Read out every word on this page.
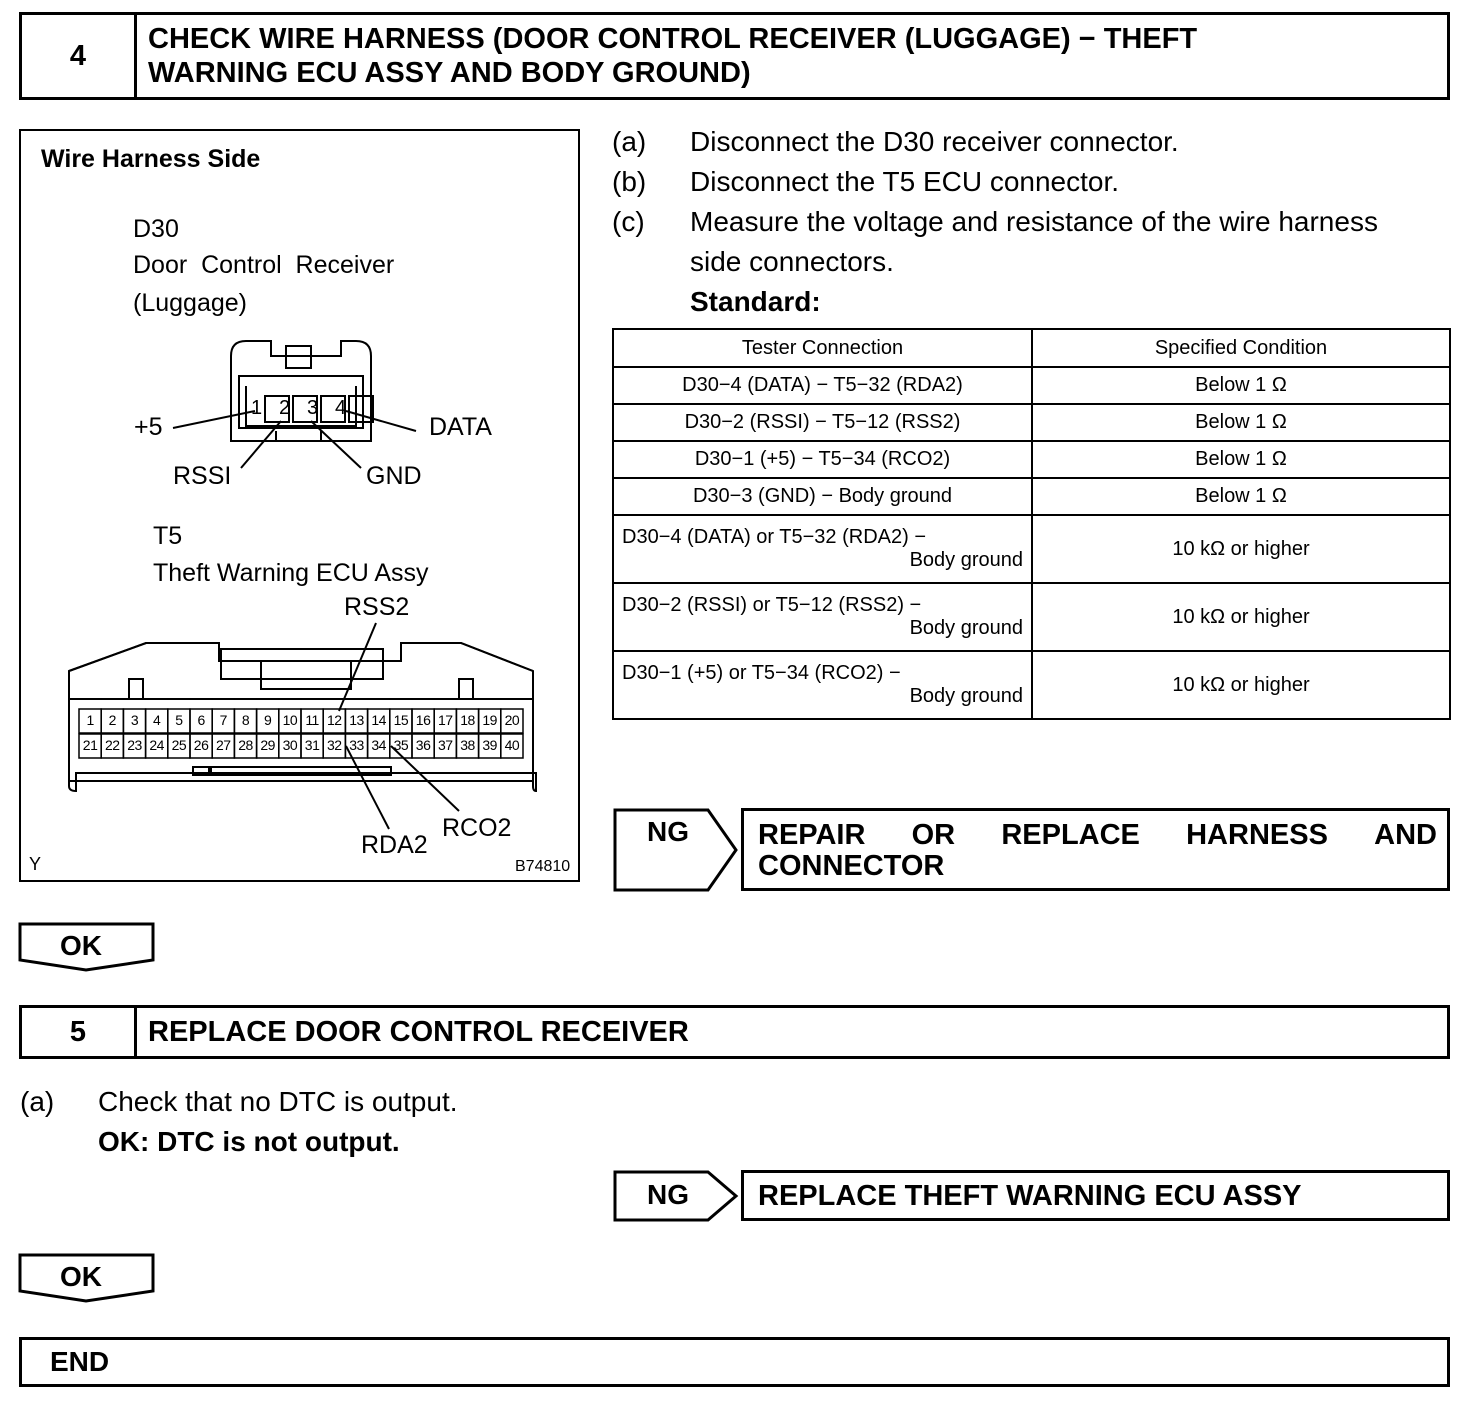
4
CHECK WIRE HARNESS (DOOR CONTROL RECEIVER (LUGGAGE) − THEFT
WARNING ECU ASSY AND BODY GROUND)
Wire Harness Side
D30
Door  Control  Receiver
(Luggage)
1 2 3 4
+5	DATA
RSSI	GND
T5
Theft Warning ECU Assy
RSS2
RDA2
RCO2
1	2	3	4	5	6	7	8	9 10 11 12 13 14 15 16 17 18 19 20
21 22 23 24 25 26 27 28 29 30 31 32 33 34 35 36 37 38 39 40
Y	B74810
(a) Disconnect the D30 receiver connector.
(b) Disconnect the T5 ECU connector.
(c) Measure the voltage and resistance of the wire harness
side connectors.
Standard:
Tester Connection	Specified Condition
D30−4 (DATA) − T5−32 (RDA2)	Below 1 Ω
D30−2 (RSSI) − T5−12 (RSS2)	Below 1 Ω
D30−1 (+5) − T5−34 (RCO2)	Below 1 Ω
D30−3 (GND) − Body ground	Below 1 Ω

D30−4 (DATA) or T5−32 (RDA2) −
Body ground	10 kΩ or higher

D30−2 (RSSI) or T5−12 (RSS2) −
Body ground	10 kΩ or higher

D30−1 (+5) or T5−34 (RCO2) −
Body ground	10 kΩ or higher
NG REPAIR OR REPLACE HARNESS AND
CONNECTOR
OK
5	REPLACE DOOR CONTROL RECEIVER
(a) Check that no DTC is output.
OK: DTC is not output.
NG REPLACE THEFT WARNING ECU ASSY
OK
END
